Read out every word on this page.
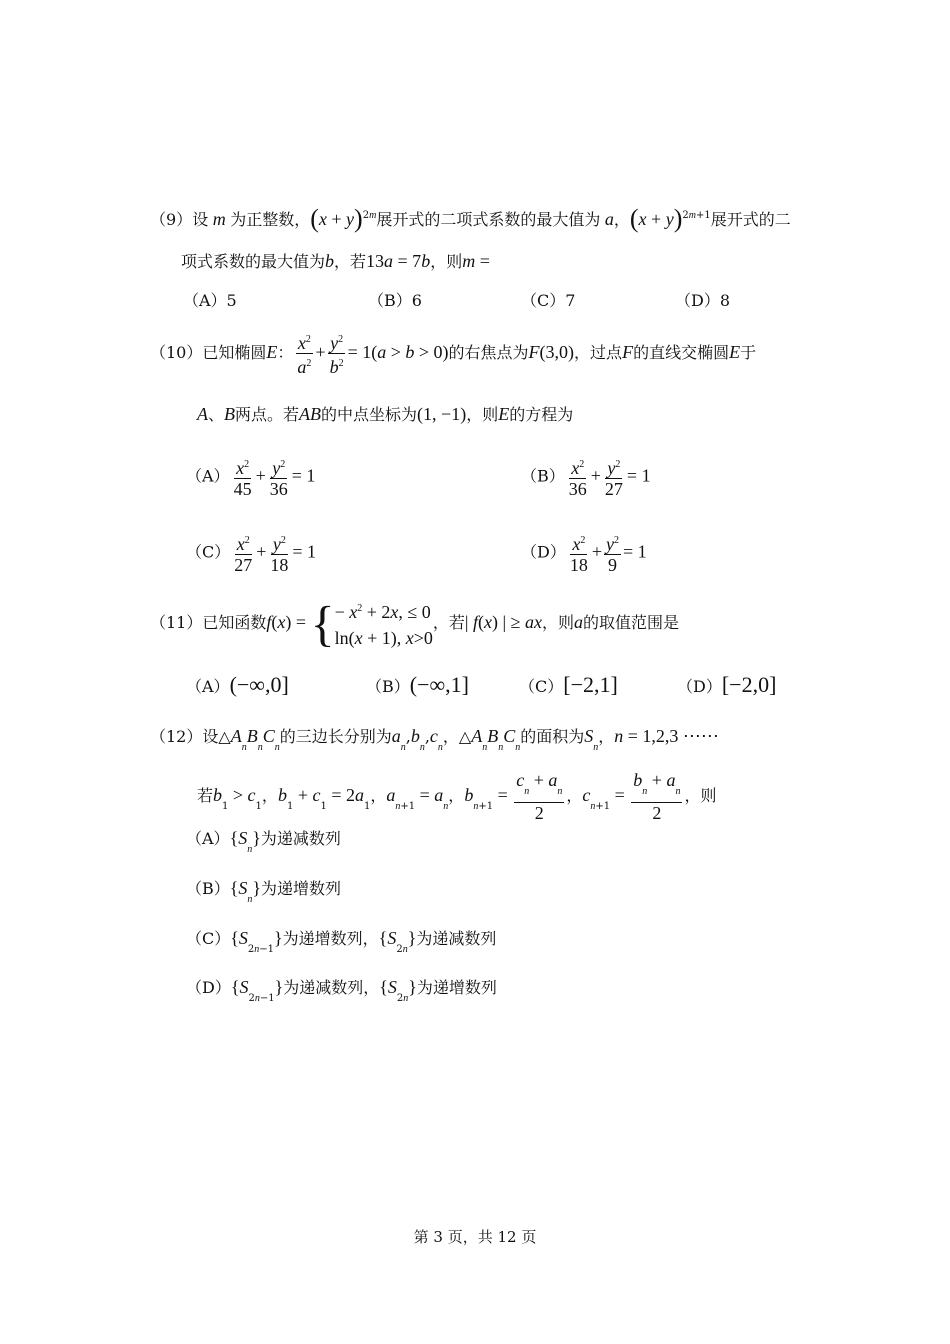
（9）设 m 为正整数，$(x + y)^{2m}$展开式的二项式系数的最大值为 a，$(x + y)^{2m+1}$展开式的二
项式系数的最大值为b，若13a = 7b，则m =
（A）5	（B）6	（C）7	（D）8
（10）已知椭圆E： $\frac{x^2}{a^2} + \frac{y^2}{b^2} = 1(a > b > 0)$的右焦点为F(3,0)，过点F的直线交椭圆E于
A、B两点。若AB的中点坐标为(1, −1)，则E的方程为
$(A) \frac{x^2}{45} + \frac{y^2}{36} = 1$	$(B) \frac{x^2}{36} + \frac{y^2}{27} = 1$
$(C) \frac{x^2}{27} + \frac{y^2}{18} = 1$	$(D) \frac{x^2}{18} + \frac{y^2}{9} = 1$
（11）已知函数f(x) = { − $x^2 + 2x$, ≤ 0
ln(x + 1), x>0
，若| f(x) | ≥ ax，则a的取值范围是
（A）(−∞,0]	（B）(−∞,1]	（C）[−2,1]	（D）[−2,0]
（12）设$\triangle A_nB_nC_n$的三边长分别为$a_n,b_n,c_n$，$\triangle A_nB_nC_n$的面积为$S_n$，n = 1,2,3 ⋯⋯
若$b_1 > c_1$，$b_1 + c_1 = 2a_1$，$a_{n+1} = a_n$，$b_{n+1} = \frac{c_n + a_n}{2}$ ，$c_{n+1} = \frac{b_n + a_n}{2}$ ，则
$(A)\{S_n\}$为递减数列
$(B)\{S_n\}$为递增数列
$(C)\{S_{2n-1}\}$为递增数列，$\{S_{2n}\}$为递减数列
$(D)\{S_{2n-1}\}$为递减数列，$\{S_{2n}\}$为递增数列
第 3 页，共 12 页
